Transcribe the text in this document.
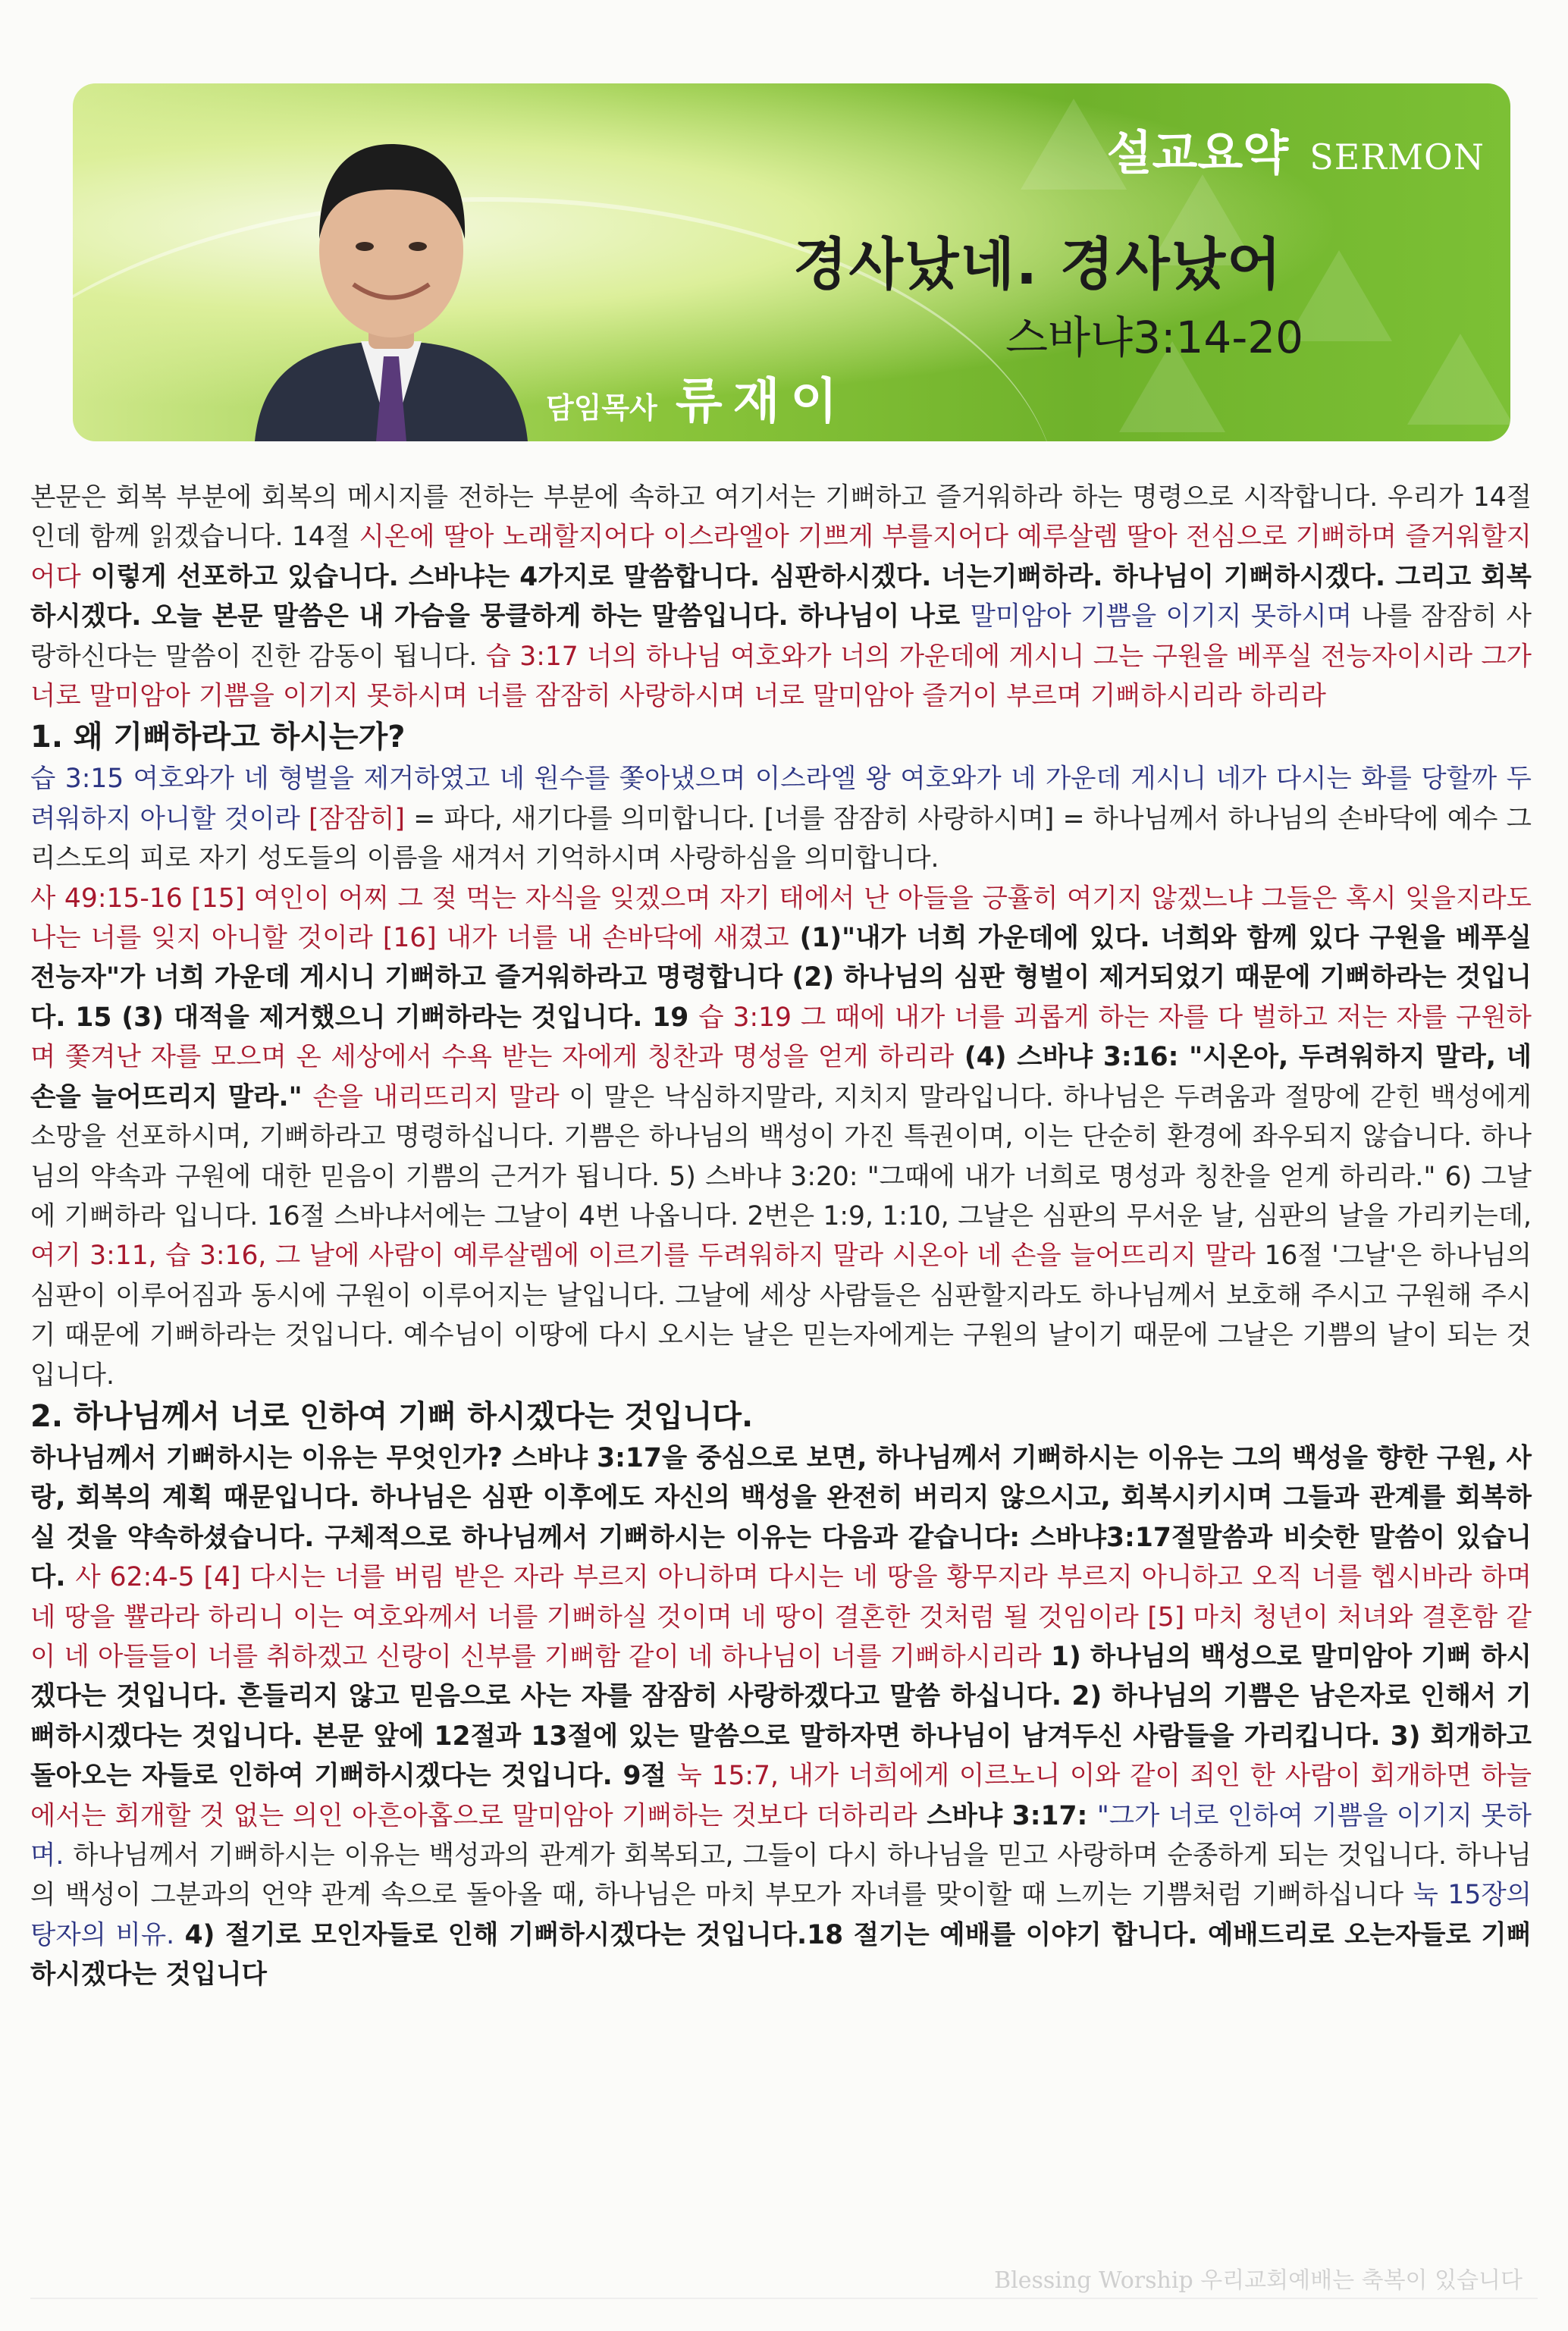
설교요약 SERMON
경사났네. 경사났어
스바냐3:14-20
담임목사 류재이

본문은 회복 부분에 회복의 메시지를 전하는 부분에 속하고 여기서는 기뻐하고 즐거워하라 하는 명령으로 시작합니다. 우리가 14절인데 함께 읽겠습니다. 14절 시온에 딸아 노래할지어다 이스라엘아 기쁘게 부를지어다 예루살렘 딸아 전심으로 기뻐하며 즐거워할지어다 이렇게 선포하고 있습니다. 스바냐는 4가지로 말씀합니다. 심판하시겠다. 너는기뻐하라. 하나님이 기뻐하시겠다. 그리고 회복하시겠다. 오늘 본문 말씀은 내 가슴을 뭉클하게 하는 말씀입니다. 하나님이 나로 말미암아 기쁨을 이기지 못하시며 나를 잠잠히 사랑하신다는 말씀이 진한 감동이 됩니다. 습 3:17 너의 하나님 여호와가 너의 가운데에 게시니 그는 구원을 베푸실 전능자이시라 그가 너로 말미암아 기쁨을 이기지 못하시며 너를 잠잠히 사랑하시며 너로 말미암아 즐거이 부르며 기뻐하시리라 하리라

1. 왜 기뻐하라고 하시는가?

습 3:15 여호와가 네 형벌을 제거하였고 네 원수를 쫓아냈으며 이스라엘 왕 여호와가 네 가운데 게시니 네가 다시는 화를 당할까 두려워하지 아니할 것이라 [잠잠히] = 파다, 새기다를 의미합니다. [너를 잠잠히 사랑하시며] = 하나님께서 하나님의 손바닥에 예수 그리스도의 피로 자기 성도들의 이름을 새겨서 기억하시며 사랑하심을 의미합니다.

사 49:15-16 [15] 여인이 어찌 그 젖 먹는 자식을 잊겠으며 자기 태에서 난 아들을 긍휼히 여기지 않겠느냐 그들은 혹시 잊을지라도 나는 너를 잊지 아니할 것이라 [16] 내가 너를 내 손바닥에 새겼고 (1)"내가 너희 가운데에 있다. 너희와 함께 있다 구원을 베푸실 전능자"가 너희 가운데 게시니 기뻐하고 즐거워하라고 명령합니다 (2) 하나님의 심판 형벌이 제거되었기 때문에 기뻐하라는 것입니다. 15 (3) 대적을 제거했으니 기뻐하라는 것입니다. 19 습 3:19 그 때에 내가 너를 괴롭게 하는 자를 다 벌하고 저는 자를 구원하며 쫓겨난 자를 모으며 온 세상에서 수욕 받는 자에게 칭찬과 명성을 얻게 하리라 (4) 스바냐 3:16: "시온아, 두려워하지 말라, 네 손을 늘어뜨리지 말라." 손을 내리뜨리지 말라 이 말은 낙심하지말라, 지치지 말라입니다. 하나님은 두려움과 절망에 갇힌 백성에게 소망을 선포하시며, 기뻐하라고 명령하십니다. 기쁨은 하나님의 백성이 가진 특권이며, 이는 단순히 환경에 좌우되지 않습니다. 하나님의 약속과 구원에 대한 믿음이 기쁨의 근거가 됩니다. 5) 스바냐 3:20: "그때에 내가 너희로 명성과 칭찬을 얻게 하리라." 6) 그날에 기뻐하라 입니다. 16절 스바냐서에는 그날이 4번 나옵니다. 2번은 1:9, 1:10, 그날은 심판의 무서운 날, 심판의 날을 가리키는데, 여기 3:11, 습 3:16, 그 날에 사람이 예루살렘에 이르기를 두려워하지 말라 시온아 네 손을 늘어뜨리지 말라 16절 '그날'은 하나님의 심판이 이루어짐과 동시에 구원이 이루어지는 날입니다. 그날에 세상 사람들은 심판할지라도 하나님께서 보호해 주시고 구원해 주시기 때문에 기뻐하라는 것입니다. 예수님이 이땅에 다시 오시는 날은 믿는자에게는 구원의 날이기 때문에 그날은 기쁨의 날이 되는 것입니다.

2. 하나님께서 너로 인하여 기뻐 하시겠다는 것입니다.

하나님께서 기뻐하시는 이유는 무엇인가? 스바냐 3:17을 중심으로 보면, 하나님께서 기뻐하시는 이유는 그의 백성을 향한 구원, 사랑, 회복의 계획 때문입니다. 하나님은 심판 이후에도 자신의 백성을 완전히 버리지 않으시고, 회복시키시며 그들과 관계를 회복하실 것을 약속하셨습니다. 구체적으로 하나님께서 기뻐하시는 이유는 다음과 같습니다: 스바냐3:17절말씀과 비슷한 말씀이 있습니다. 사 62:4-5 [4] 다시는 너를 버림 받은 자라 부르지 아니하며 다시는 네 땅을 황무지라 부르지 아니하고 오직 너를 헵시바라 하며 네 땅을 쁄라라 하리니 이는 여호와께서 너를 기뻐하실 것이며 네 땅이 결혼한 것처럼 될 것임이라 [5] 마치 청년이 처녀와 결혼함 같이 네 아들들이 너를 취하겠고 신랑이 신부를 기뻐함 같이 네 하나님이 너를 기뻐하시리라 1) 하나님의 백성으로 말미암아 기뻐 하시겠다는 것입니다. 흔들리지 않고 믿음으로 사는 자를 잠잠히 사랑하겠다고 말씀 하십니다. 2) 하나님의 기쁨은 남은자로 인해서 기뻐하시겠다는 것입니다. 본문 앞에 12절과 13절에 있는 말씀으로 말하자면 하나님이 남겨두신 사람들을 가리킵니다. 3) 회개하고 돌아오는 자들로 인하여 기뻐하시겠다는 것입니다. 9절 눅 15:7, 내가 너희에게 이르노니 이와 같이 죄인 한 사람이 회개하면 하늘에서는 회개할 것 없는 의인 아흔아홉으로 말미암아 기뻐하는 것보다 더하리라 스바냐 3:17: "그가 너로 인하여 기쁨을 이기지 못하며. 하나님께서 기뻐하시는 이유는 백성과의 관계가 회복되고, 그들이 다시 하나님을 믿고 사랑하며 순종하게 되는 것입니다. 하나님의 백성이 그분과의 언약 관계 속으로 돌아올 때, 하나님은 마치 부모가 자녀를 맞이할 때 느끼는 기쁨처럼 기뻐하십니다 눅 15장의 탕자의 비유. 4) 절기로 모인자들로 인해 기뻐하시겠다는 것입니다.18 절기는 예배를 이야기 합니다. 예배드리로 오는자들로 기뻐 하시겠다는 것입니다

Blessing Worship 우리교회예배는 축복이 있습니다
